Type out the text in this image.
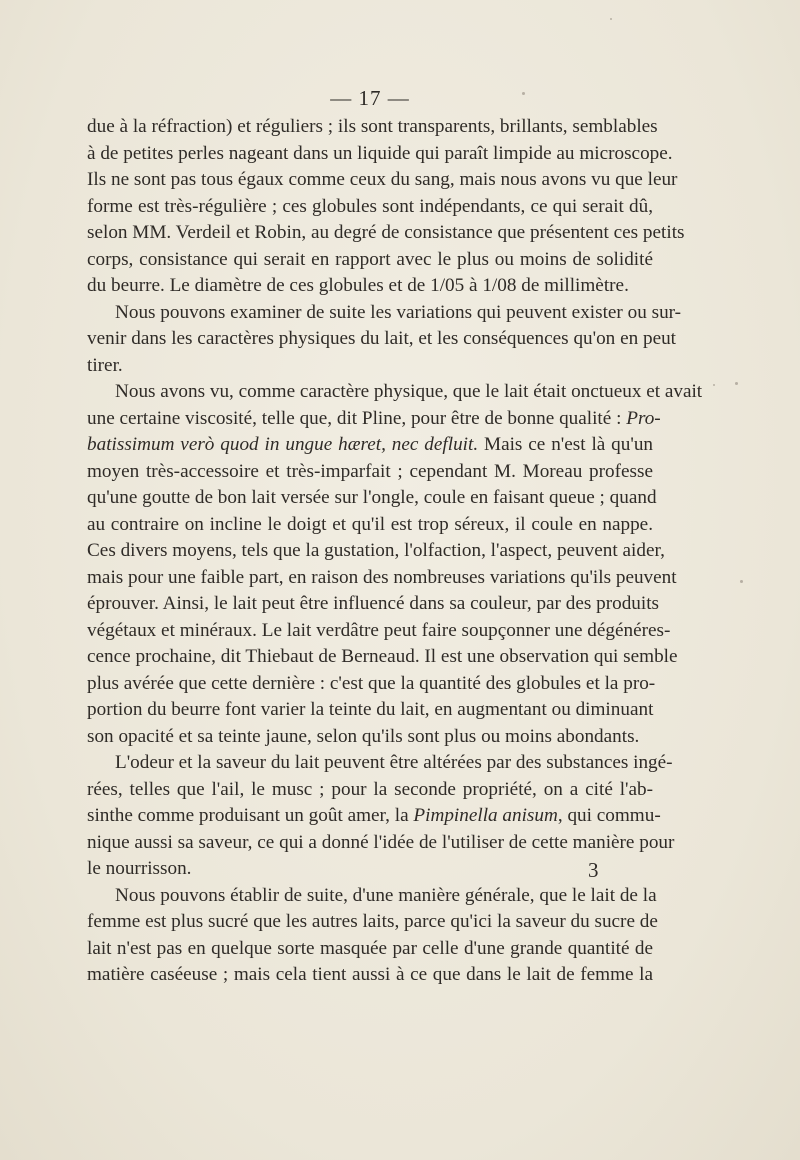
— 17 —
due à la réfraction) et réguliers ; ils sont transparents, brillants, semblables
à de petites perles nageant dans un liquide qui paraît limpide au microscope.
Ils ne sont pas tous égaux comme ceux du sang, mais nous avons vu que leur
forme est très-régulière ; ces globules sont indépendants, ce qui serait dû,
selon MM. Verdeil et Robin, au degré de consistance que présentent ces petits
corps, consistance qui serait en rapport avec le plus ou moins de solidité
du beurre. Le diamètre de ces globules et de 1/05 à 1/08 de millimètre.
Nous pouvons examiner de suite les variations qui peuvent exister ou sur-
venir dans les caractères physiques du lait, et les conséquences qu'on en peut
tirer.
Nous avons vu, comme caractère physique, que le lait était onctueux et avait
une certaine viscosité, telle que, dit Pline, pour être de bonne qualité : Pro-
batissimum verò quod in ungue hæret, nec defluit. Mais ce n'est là qu'un
moyen très-accessoire et très-imparfait ; cependant M. Moreau professe
qu'une goutte de bon lait versée sur l'ongle, coule en faisant queue ; quand
au contraire on incline le doigt et qu'il est trop séreux, il coule en nappe.
Ces divers moyens, tels que la gustation, l'olfaction, l'aspect, peuvent aider,
mais pour une faible part, en raison des nombreuses variations qu'ils peuvent
éprouver. Ainsi, le lait peut être influencé dans sa couleur, par des produits
végétaux et minéraux. Le lait verdâtre peut faire soupçonner une dégénéres-
cence prochaine, dit Thiebaut de Berneaud. Il est une observation qui semble
plus avérée que cette dernière : c'est que la quantité des globules et la pro-
portion du beurre font varier la teinte du lait, en augmentant ou diminuant
son opacité et sa teinte jaune, selon qu'ils sont plus ou moins abondants.
L'odeur et la saveur du lait peuvent être altérées par des substances ingé-
rées, telles que l'ail, le musc ; pour la seconde propriété, on a cité l'ab-
sinthe comme produisant un goût amer, la Pimpinella anisum, qui commu-
nique aussi sa saveur, ce qui a donné l'idée de l'utiliser de cette manière pour
le nourrisson.
Nous pouvons établir de suite, d'une manière générale, que le lait de la
femme est plus sucré que les autres laits, parce qu'ici la saveur du sucre de
lait n'est pas en quelque sorte masquée par celle d'une grande quantité de
matière caséeuse ; mais cela tient aussi à ce que dans le lait de femme la
3
